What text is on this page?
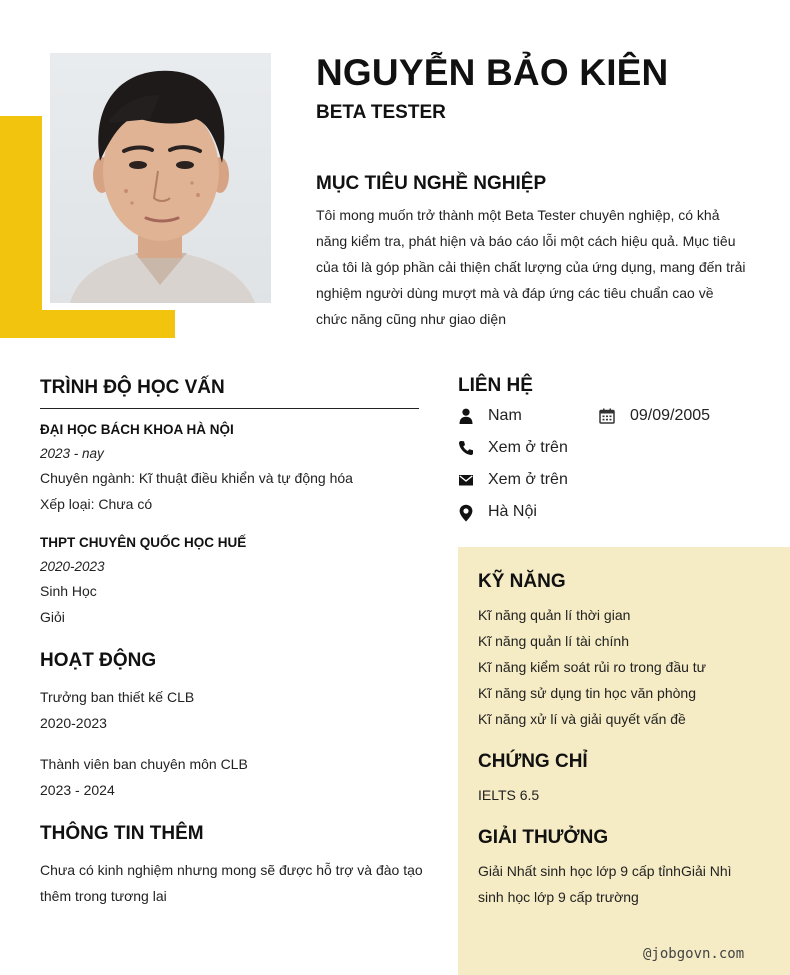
NGUYỄN BẢO KIÊN
BETA TESTER
MỤC TIÊU NGHỀ NGHIỆP
Tôi mong muốn trở thành một Beta Tester chuyên nghiệp, có khả năng kiểm tra, phát hiện và báo cáo lỗi một cách hiệu quả. Mục tiêu của tôi là góp phần cải thiện chất lượng của ứng dụng, mang đến trải nghiệm người dùng mượt mà và đáp ứng các tiêu chuẩn cao về chức năng cũng như giao diện
TRÌNH ĐỘ HỌC VẤN
ĐẠI HỌC BÁCH KHOA HÀ NỘI
2023 - nay
Chuyên ngành: Kĩ thuật điều khiển và tự động hóa
Xếp loại: Chưa có
THPT CHUYÊN QUỐC HỌC HUẾ
2020-2023
Sinh Học
Giỏi
HOẠT ĐỘNG
Trưởng ban thiết kế CLB
2020-2023
Thành viên ban chuyên môn CLB
2023 - 2024
THÔNG TIN THÊM
Chưa có kinh nghiệm nhưng mong sẽ được hỗ trợ và đào tạo thêm trong tương lai
LIÊN HỆ
Nam	09/09/2005
Xem ở trên
Xem ở trên
Hà Nội
KỸ NĂNG
Kĩ năng quản lí thời gian
Kĩ năng quản lí tài chính
Kĩ năng kiểm soát rủi ro trong đầu tư
Kĩ năng sử dụng tin học văn phòng
Kĩ năng xử lí và giải quyết vấn đề
CHỨNG CHỈ
IELTS 6.5
GIẢI THƯỞNG
Giải Nhất sinh học lớp 9 cấp tỉnhGiải Nhì sinh học lớp 9 cấp trường
@jobgovn.com
